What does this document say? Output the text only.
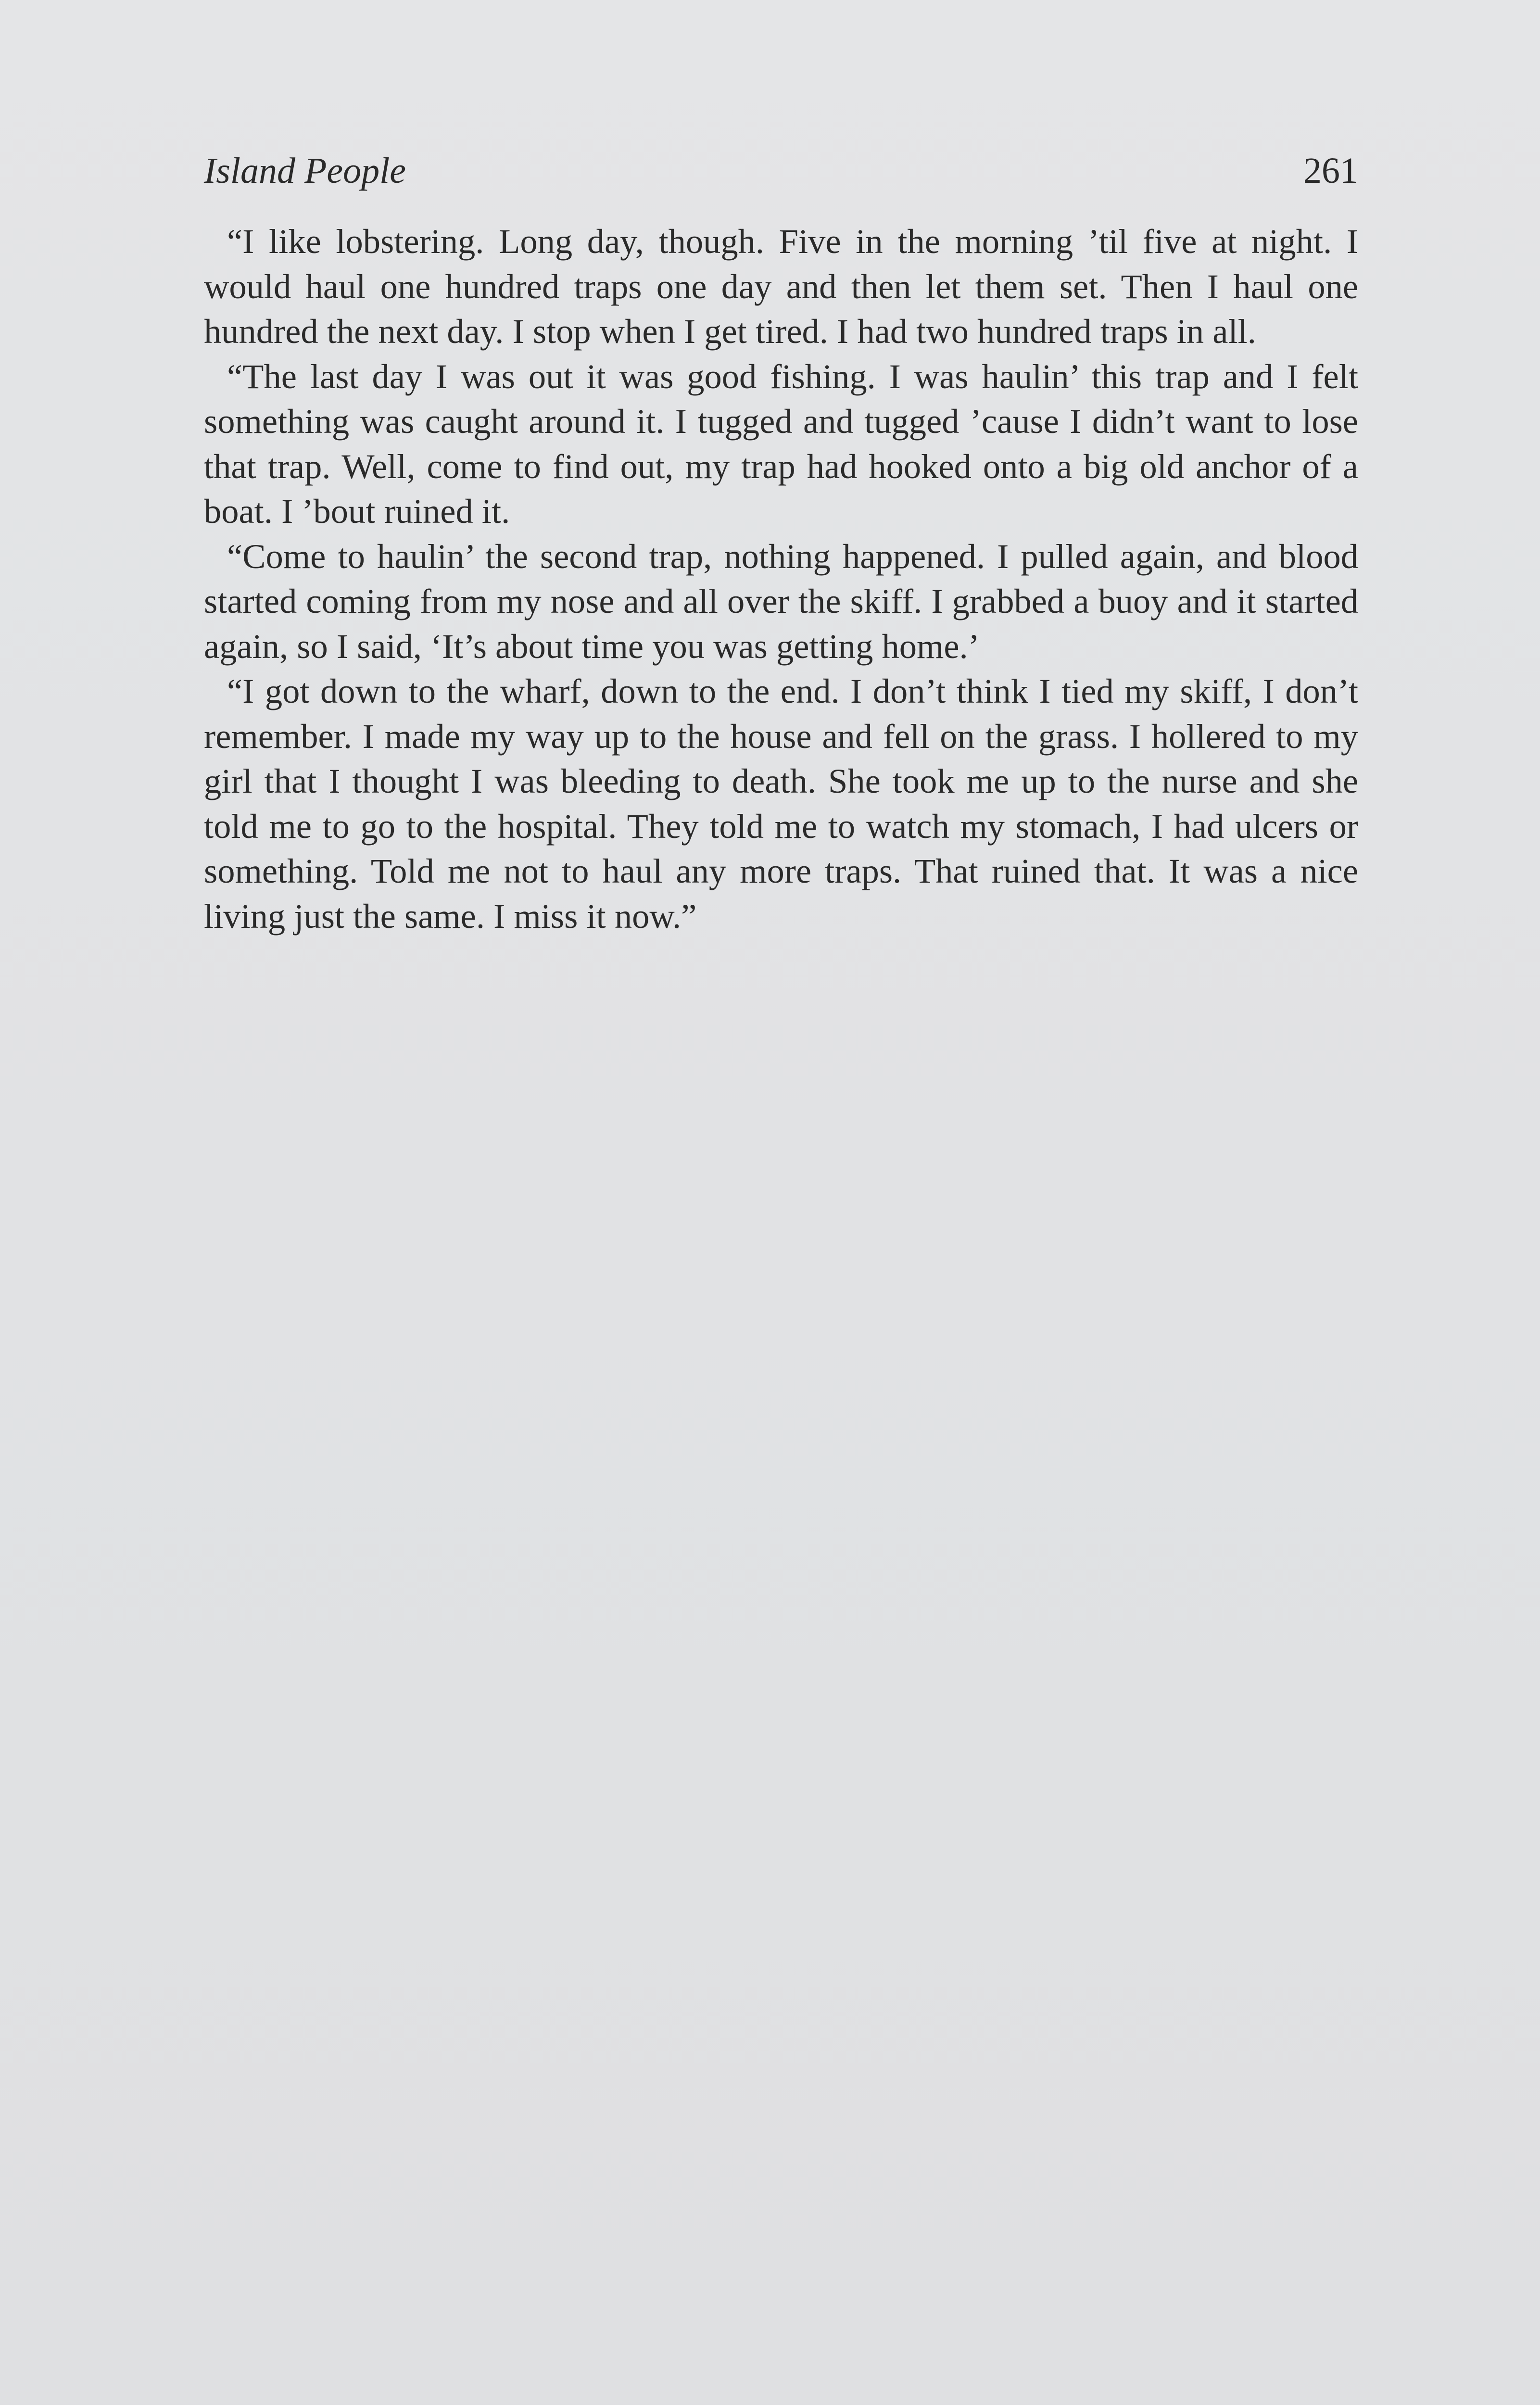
Island People	261

“I like lobstering. Long day, though. Five in the morning ’til five at night. I would haul one hundred traps one day and then let them set. Then I haul one hundred the next day. I stop when I get tired. I had two hundred traps in all.

“The last day I was out it was good fishing. I was haulin’ this trap and I felt something was caught around it. I tugged and tugged ’cause I didn’t want to lose that trap. Well, come to find out, my trap had hooked onto a big old anchor of a boat. I ’bout ruined it.

“Come to haulin’ the second trap, nothing happened. I pulled again, and blood started coming from my nose and all over the skiff. I grabbed a buoy and it started again, so I said, ‘It’s about time you was getting home.’

“I got down to the wharf, down to the end. I don’t think I tied my skiff, I don’t remember. I made my way up to the house and fell on the grass. I hollered to my girl that I thought I was bleeding to death. She took me up to the nurse and she told me to go to the hospital. They told me to watch my stomach, I had ulcers or something. Told me not to haul any more traps. That ruined that. It was a nice living just the same. I miss it now.”
